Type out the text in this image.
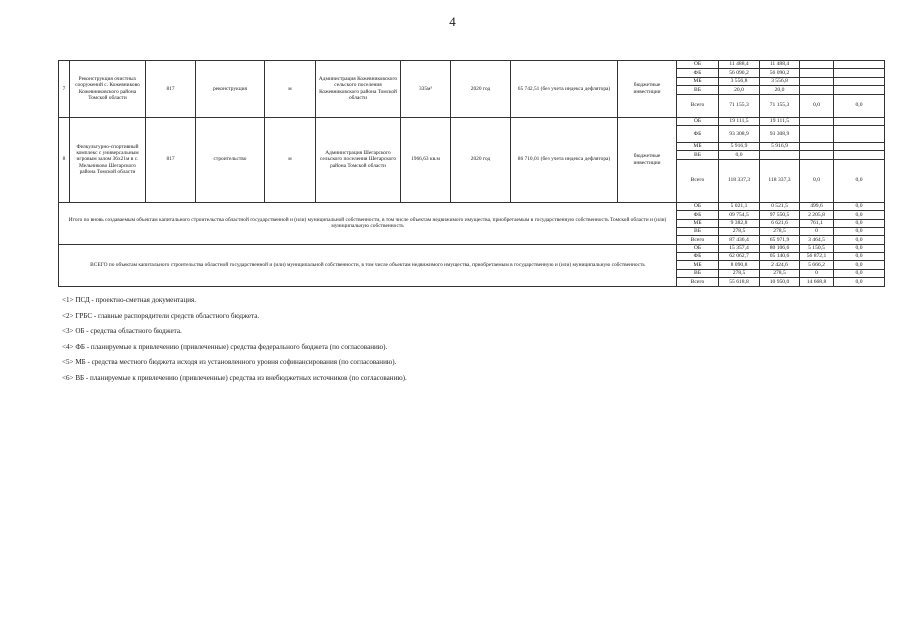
4
7	Реконструкция очистных сооружений с. Кожевниково Кожевниковского района Томской области	817	реконструкция	м	Администрация Кожевниковского сельского поселения Кожевниковского района Томской области	335м³	2020 год	65 742,51 (без учета индекса дефлятора)	бюджетные инвестиции	ОБ	11 488,4	11 488,4		
										ФБ	56 090,2	56 090,2		
										МБ	3 556,8	3 556,8		
										ВБ	20,0	20,0		
										Всего	71 155,3	71 155,3	0,0	0,0
8	Физкультурно-спортивный комплекс с универсальным игровым залом 36х21м в с. Мельниково Шегарского района Томской области	817	строительство	м	Администрация Шегарского сельского поселения Шегарского района Томской области	1966,63 кв.м	2020 год	86 710,01 (без учета индекса дефлятора)	бюджетные инвестиции	ОБ	19 111,5	19 111,5		
										ФБ	93 308,9	93 308,9		
										МБ	5 916,9	5 916,9		
										ВБ	0,0			
										Всего	118 337,3	118 337,3	0,0	0,0
Итого по вновь создаваемым объектам капитального строительства областной государственной и (или) муниципальной собственности, в том числе объектам недвижимого имущества, приобретаемым в государственную собственность Томской области и (или) муниципальную собственность										ОБ	5 021,1	0 521,5	499,6	0,0
										ФБ	09 754,5	97 550,5	2 205,8	0,0
										МБ	9 382,8	6 621,6	761,1	0,0
										ВБ	278,5	278,5	0	0,0
										Всего	87 436,4	65 971,9	3 464,5	0,0
ВСЕГО по объектам капитального строительства областной государственной и (или) муниципальной собственности, в том числе объектам недвижимого имущества, приобретаемым в государственную и (или) муниципальную собственность										ОБ	15 357,4	80 106,6	5 150,5	0,0
										ФБ	62 062,7	05 140,6	56 872,1	0,0
										МБ	8 090,8	2 424,6	5 666,2	0,0
										ВБ	278,5	278,5	0	0,0
										Всего	55 618,8	10 950,0	14 668,8	0,0

<1> ПСД - проектно-сметная документация.

<2> ГРБС - главные распорядители средств областного бюджета.

<3> ОБ - средства областного бюджета.

<4> ФБ - планируемые к привлечению (привлеченные) средства федерального бюджета (по согласованию).

<5> МБ - средства местного бюджета исходя из установленного уровня софинансирования (по согласованию).

<6> ВБ - планируемые к привлечению (привлеченные) средства из внебюджетных источников (по согласованию).
